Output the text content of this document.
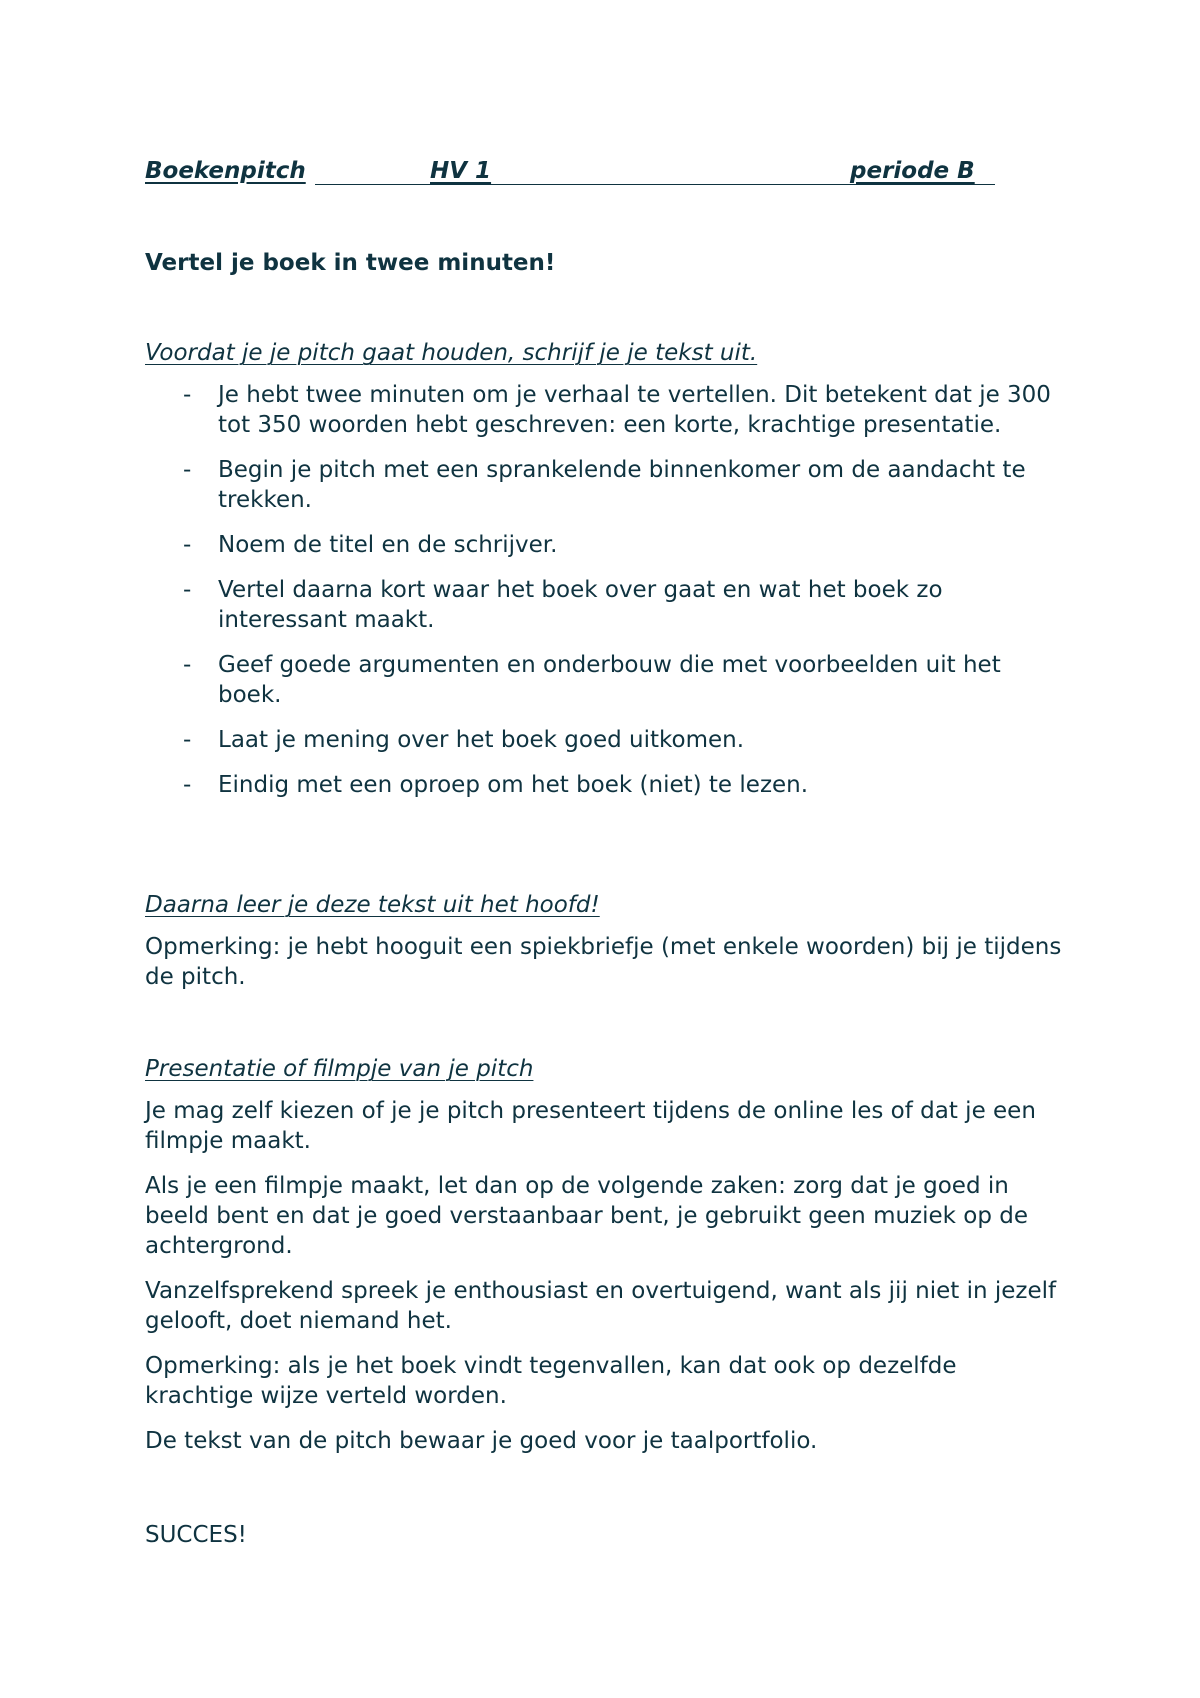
Boekenpitch	HV 1	periode B
Vertel je boek in twee minuten!

Voordat je je pitch gaat houden, schrijf je je tekst uit.

- Je hebt twee minuten om je verhaal te vertellen. Dit betekent dat je 300 tot 350 woorden hebt geschreven: een korte, krachtige presentatie.
- Begin je pitch met een sprankelende binnenkomer om de aandacht te trekken.
- Noem de titel en de schrijver.
- Vertel daarna kort waar het boek over gaat en wat het boek zo interessant maakt.
- Geef goede argumenten en onderbouw die met voorbeelden uit het boek.
- Laat je mening over het boek goed uitkomen.
- Eindig met een oproep om het boek (niet) te lezen.

Daarna leer je deze tekst uit het hoofd!

Opmerking: je hebt hooguit een spiekbriefje (met enkele woorden) bij je tijdens de pitch.

Presentatie of filmpje van je pitch

Je mag zelf kiezen of je je pitch presenteert tijdens de online les of dat je een filmpje maakt.

Als je een filmpje maakt, let dan op de volgende zaken: zorg dat je goed in beeld bent en dat je goed verstaanbaar bent, je gebruikt geen muziek op de achtergrond.

Vanzelfsprekend spreek je enthousiast en overtuigend, want als jij niet in jezelf gelooft, doet niemand het.

Opmerking: als je het boek vindt tegenvallen, kan dat ook op dezelfde krachtige wijze verteld worden.

De tekst van de pitch bewaar je goed voor je taalportfolio.

SUCCES!
